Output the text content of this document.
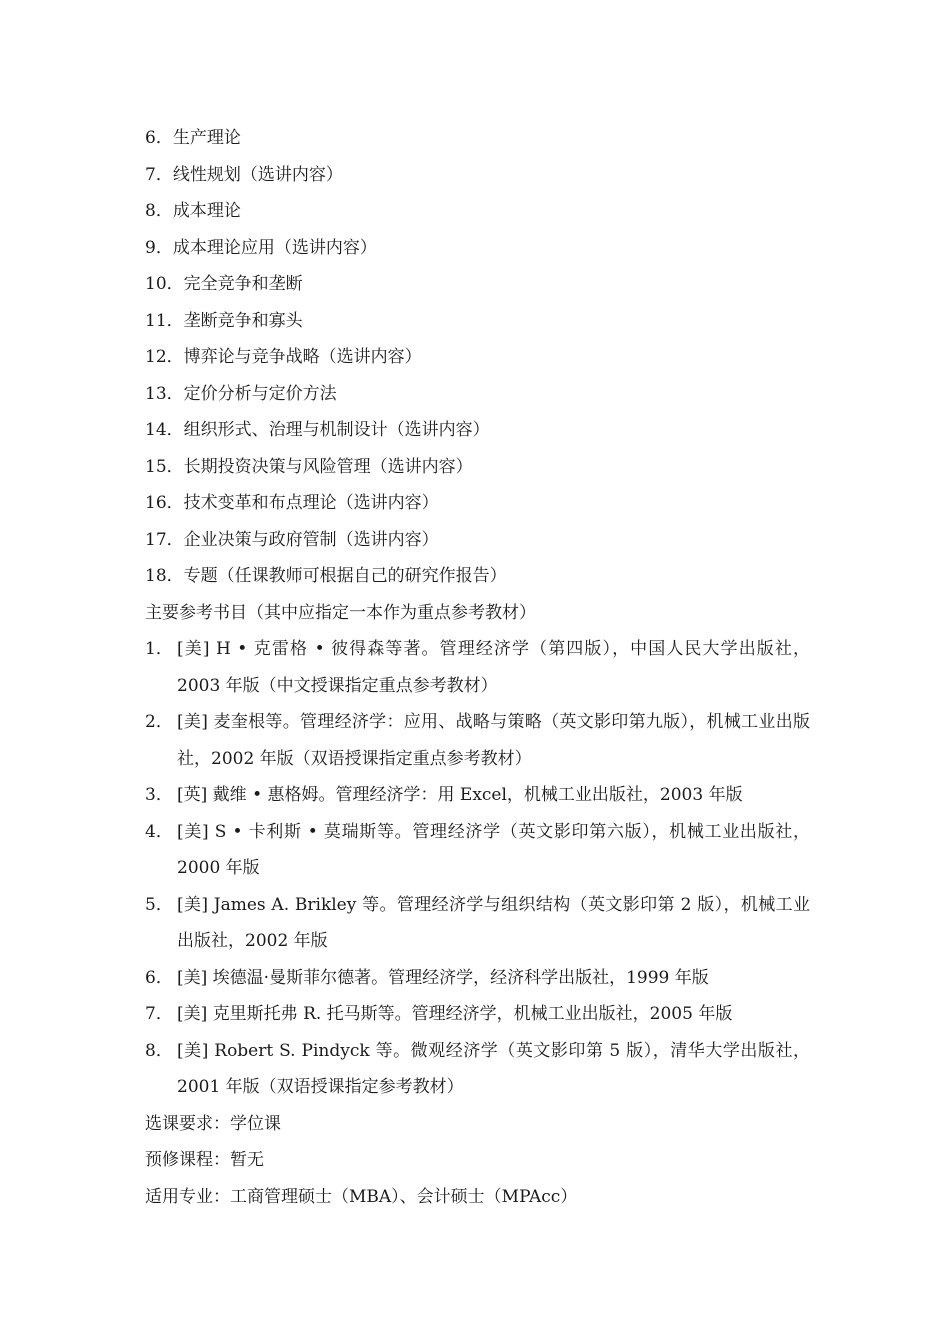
6．生产理论
7．线性规划（选讲内容）
8．成本理论
9．成本理论应用（选讲内容）
10．完全竞争和垄断
11．垄断竞争和寡头
12．博弈论与竞争战略（选讲内容）
13．定价分析与定价方法
14．组织形式、治理与机制设计（选讲内容）
15．长期投资决策与风险管理（选讲内容）
16．技术变革和布点理论（选讲内容）
17．企业决策与政府管制（选讲内容）
18．专题（任课教师可根据自己的研究作报告）
主要参考书目（其中应指定一本作为重点参考教材）
1． [美] H • 克雷格 • 彼得森等著。管理经济学（第四版），中国人民大学出版社，2003 年版（中文授课指定重点参考教材）
2． [美] 麦奎根等。管理经济学：应用、战略与策略（英文影印第九版），机械工业出版社，2002 年版（双语授课指定重点参考教材）
3． [英] 戴维 • 惠格姆。管理经济学：用 Excel，机械工业出版社，2003 年版
4． [美] S • 卡利斯 • 莫瑞斯等。管理经济学（英文影印第六版），机械工业出版社，2000 年版
5． [美] James A. Brikley 等。管理经济学与组织结构（英文影印第 2 版），机械工业出版社，2002 年版
6． [美] 埃德温·曼斯菲尔德著。管理经济学，经济科学出版社，1999 年版
7． [美] 克里斯托弗 R. 托马斯等。管理经济学，机械工业出版社，2005 年版
8． [美] Robert S. Pindyck 等。微观经济学（英文影印第 5 版），清华大学出版社，2001 年版（双语授课指定参考教材）
选课要求：学位课
预修课程：暂无
适用专业：工商管理硕士（MBA）、会计硕士（MPAcc）
